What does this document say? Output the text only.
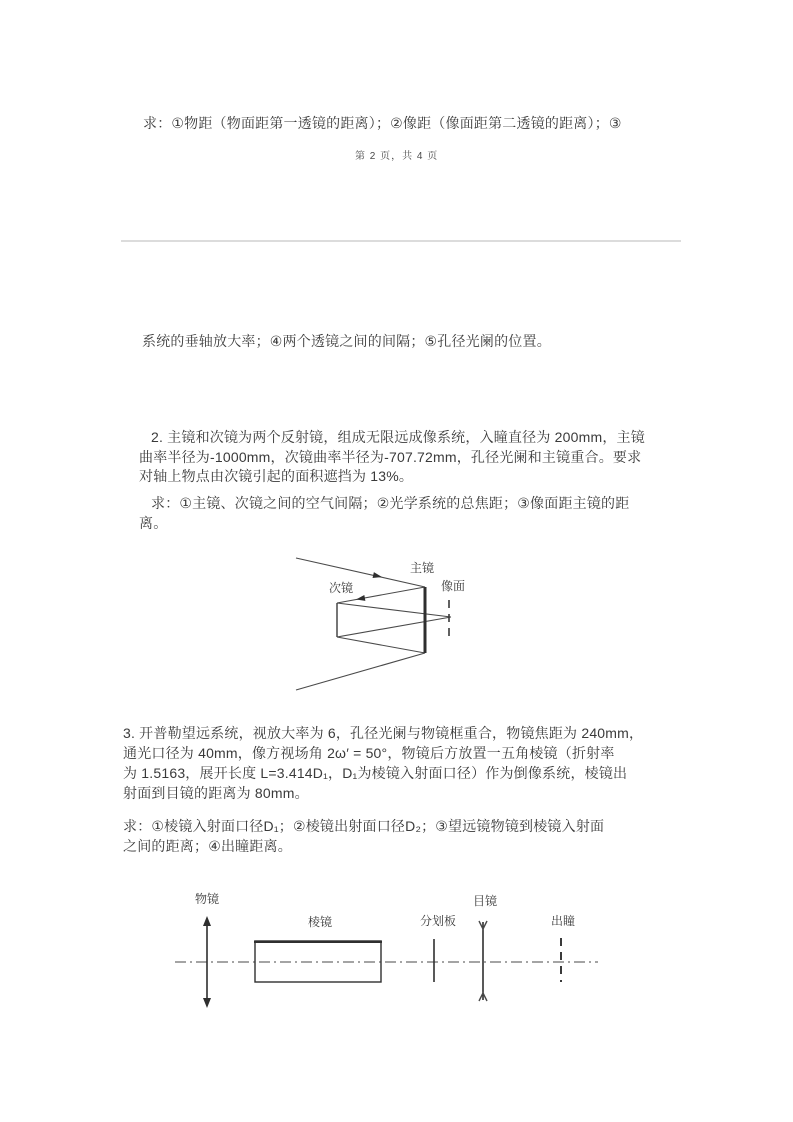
求：①物距（物面距第一透镜的距离）；②像距（像面距第二透镜的距离）；③
第 2 页，共 4 页
系统的垂轴放大率；④两个透镜之间的间隔；⑤孔径光阑的位置。
2. 主镜和次镜为两个反射镜，组成无限远成像系统，入瞳直径为 200mm，主镜
曲率半径为-1000mm，次镜曲率半径为-707.72mm，孔径光阑和主镜重合。要求
对轴上物点由次镜引起的面积遮挡为 13%。
求：①主镜、次镜之间的空气间隔；②光学系统的总焦距；③像面距主镜的距
离。
主镜
次镜	像面
3. 开普勒望远系统，视放大率为 6，孔径光阑与物镜框重合，物镜焦距为 240mm，
通光口径为 40mm，像方视场角 2ω′ = 50°，物镜后方放置一五角棱镜（折射率
为 1.5163，展开长度 L=3.414D₁，D₁为棱镜入射面口径）作为倒像系统，棱镜出
射面到目镜的距离为 80mm。
求：①棱镜入射面口径D₁；②棱镜出射面口径D₂；③望远镜物镜到棱镜入射面
之间的距离；④出瞳距离。
物镜
棱镜	分划板
目镜
出瞳
